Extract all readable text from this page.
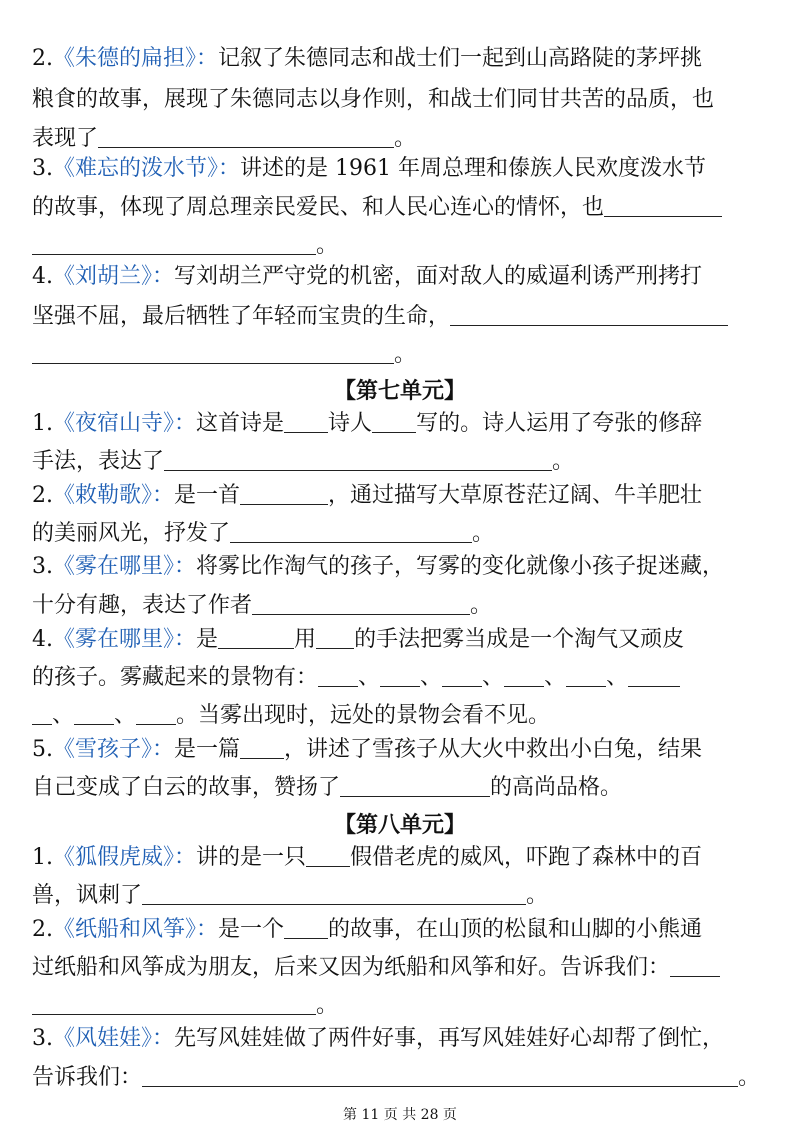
2.《朱德的扁担》：记叙了朱德同志和战士们一起到山高路陡的茅坪挑
粮食的故事，展现了朱德同志以身作则，和战士们同甘共苦的品质，也
表现了	。
3.《难忘的泼水节》：讲述的是 1961 年周总理和傣族人民欢度泼水节
的故事，体现了周总理亲民爱民、和人民心连心的情怀，也
。
4.《刘胡兰》：写刘胡兰严守党的机密，面对敌人的威逼利诱严刑拷打
坚强不屈，最后牺牲了年轻而宝贵的生命，
。
【第七单元】
1.《夜宿山寺》：这首诗是 诗人 写的。诗人运用了夸张的修辞
手法，表达了	。
2.《敕勒歌》：是一首	，通过描写大草原苍茫辽阔、牛羊肥壮
的美丽风光，抒发了	。
3.《雾在哪里》：将雾比作淘气的孩子，写雾的变化就像小孩子捉迷藏，
十分有趣，表达了作者	。
4.《雾在哪里》：是	用 的手法把雾当成是一个淘气又顽皮
的孩子。雾藏起来的景物有： 、 、 、 、 、
、 、 。当雾出现时，远处的景物会看不见。
5.《雪孩子》：是一篇 ，讲述了雪孩子从大火中救出小白兔，结果
自己变成了白云的故事，赞扬了	的高尚品格。
【第八单元】
1.《狐假虎威》：讲的是一只 假借老虎的威风，吓跑了森林中的百
兽，讽刺了	。
2.《纸船和风筝》：是一个 的故事，在山顶的松鼠和山脚的小熊通
过纸船和风筝成为朋友，后来又因为纸船和风筝和好。告诉我们：
。
3.《风娃娃》：先写风娃娃做了两件好事，再写风娃娃好心却帮了倒忙，
告诉我们：	。
第 11 页 共 28 页
